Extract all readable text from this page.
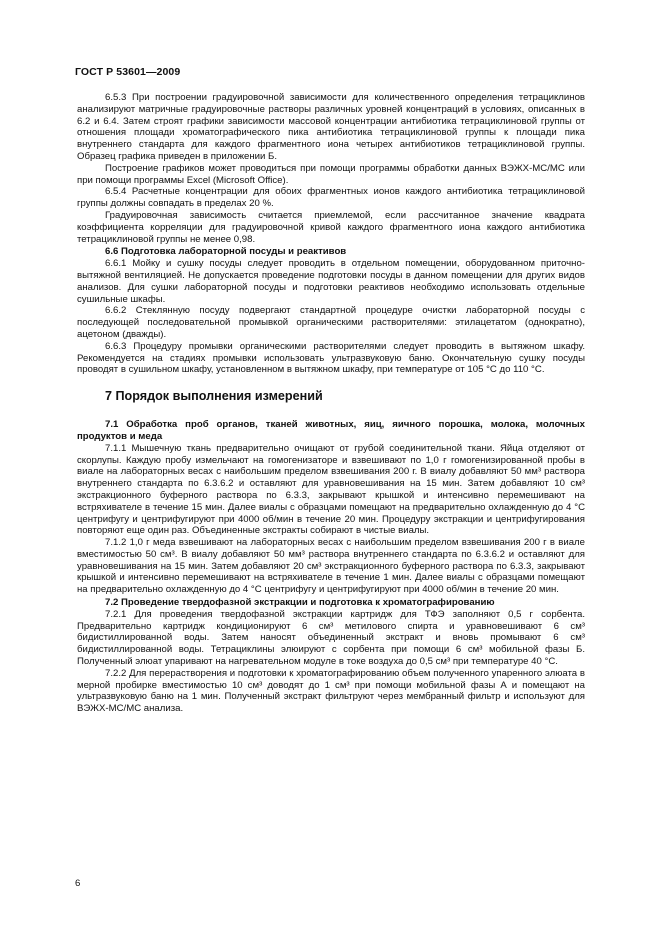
ГОСТ Р 53601—2009

6.5.3 При построении градуировочной зависимости для количественного определения тетрациклинов анализируют матричные градуировочные растворы различных уровней концентраций в условиях, описанных в 6.2 и 6.4. Затем строят графики зависимости массовой концентрации антибиотика тетрациклиновой группы от отношения площади хроматографического пика антибиотика тетрациклиновой группы к площади пика внутреннего стандарта для каждого фрагментного иона четырех антибиотиков тетрациклиновой группы. Образец графика приведен в приложении Б.

Построение графиков может проводиться при помощи программы обработки данных ВЭЖХ-МС/МС или при помощи программы Excel (Microsoft Office).

6.5.4 Расчетные концентрации для обоих фрагментных ионов каждого антибиотика тетрациклиновой группы должны совпадать в пределах 20 %.

Градуировочная зависимость считается приемлемой, если рассчитанное значение квадрата коэффициента корреляции для градуировочной кривой каждого фрагментного иона каждого антибиотика тетрациклиновой группы не менее 0,98.

6.6 Подготовка лабораторной посуды и реактивов

6.6.1 Мойку и сушку посуды следует проводить в отдельном помещении, оборудованном приточно-вытяжной вентиляцией. Не допускается проведение подготовки посуды в данном помещении для других видов анализов. Для сушки лабораторной посуды и подготовки реактивов необходимо использовать отдельные сушильные шкафы.

6.6.2 Стеклянную посуду подвергают стандартной процедуре очистки лабораторной посуды с последующей последовательной промывкой органическими растворителями: этилацетатом (однократно), ацетоном (дважды).

6.6.3 Процедуру промывки органическими растворителями следует проводить в вытяжном шкафу. Рекомендуется на стадиях промывки использовать ультразвуковую баню. Окончательную сушку посуды проводят в сушильном шкафу, установленном в вытяжном шкафу, при температуре от 105 °С до 110 °С.

7 Порядок выполнения измерений

7.1 Обработка проб органов, тканей животных, яиц, яичного порошка, молока, молочных продуктов и меда

7.1.1 Мышечную ткань предварительно очищают от грубой соединительной ткани. Яйца отделяют от скорлупы. Каждую пробу измельчают на гомогенизаторе и взвешивают по 1,0 г гомогенизированной пробы в виале на лабораторных весах с наибольшим пределом взвешивания 200 г. В виалу добавляют 50 мм³ раствора внутреннего стандарта по 6.3.6.2 и оставляют для уравновешивания на 15 мин. Затем добавляют 10 см³ экстракционного буферного раствора по 6.3.3, закрывают крышкой и интенсивно перемешивают на встряхивателе в течение 15 мин. Далее виалы с образцами помещают на предварительно охлажденную до 4 °С центрифугу и центрифугируют при 4000 об/мин в течение 20 мин. Процедуру экстракции и центрифугирования повторяют еще один раз. Объединенные экстракты собирают в чистые виалы.

7.1.2 1,0 г меда взвешивают на лабораторных весах с наибольшим пределом взвешивания 200 г в виале вместимостью 50 см³. В виалу добавляют 50 мм³ раствора внутреннего стандарта по 6.3.6.2 и оставляют для уравновешивания на 15 мин. Затем добавляют 20 см³ экстракционного буферного раствора по 6.3.3, закрывают крышкой и интенсивно перемешивают на встряхивателе в течение 1 мин. Далее виалы с образцами помещают на предварительно охлажденную до 4 °С центрифугу и центрифугируют при 4000 об/мин в течение 20 мин.

7.2 Проведение твердофазной экстракции и подготовка к хроматографированию

7.2.1 Для проведения твердофазной экстракции картридж для ТФЭ заполняют 0,5 г сорбента. Предварительно картридж кондиционируют 6 см³ метилового спирта и уравновешивают 6 см³ бидистиллированной воды. Затем наносят объединенный экстракт и вновь промывают 6 см³ бидистиллированной воды. Тетрациклины элюируют с сорбента при помощи 6 см³ мобильной фазы Б. Полученный элюат упаривают на нагревательном модуле в токе воздуха до 0,5 см³ при температуре 40 °С.

7.2.2 Для перерастворения и подготовки к хроматографированию объем полученного упаренного элюата в мерной пробирке вместимостью 10 см³ доводят до 1 см³ при помощи мобильной фазы А и помещают на ультразвуковую баню на 1 мин. Полученный экстракт фильтруют через мембранный фильтр и используют для ВЭЖХ-МС/МС анализа.

6
